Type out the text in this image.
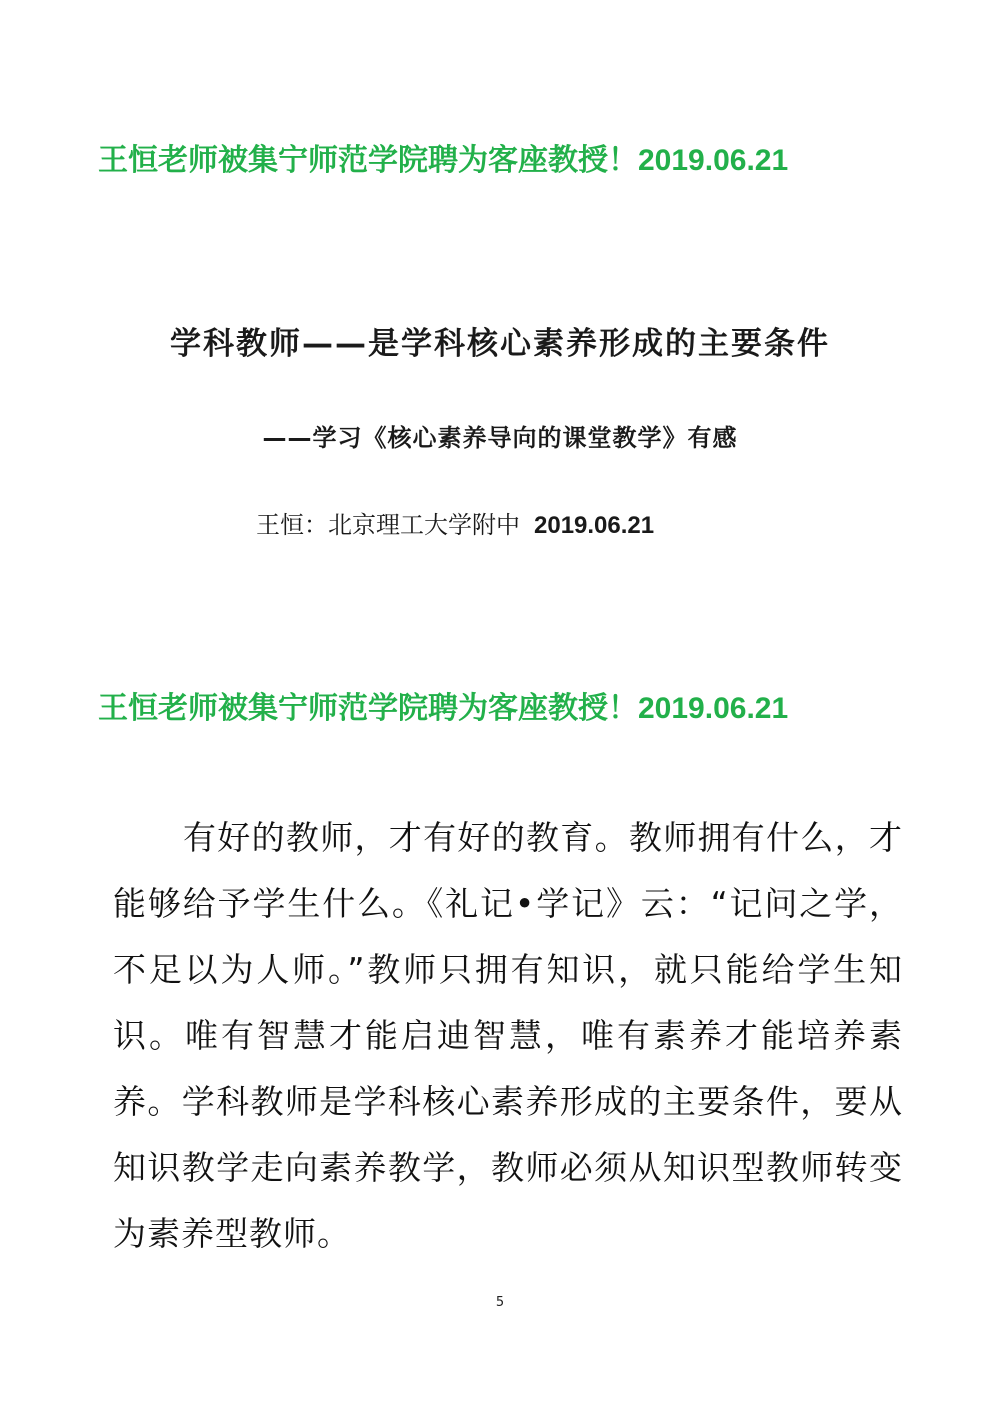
王恒老师被集宁师范学院聘为客座教授！2019.06.21
学科教师——是学科核心素养形成的主要条件
——学习《核心素养导向的课堂教学》有感
王恒：北京理工大学附中 2019.06.21
王恒老师被集宁师范学院聘为客座教授！2019.06.21
有好的教师，才有好的教育。教师拥有什么，才能够给予学生什么。《礼记•学记》云：“记问之学，不足以为人师。”教师只拥有知识，就只能给学生知识。唯有智慧才能启迪智慧，唯有素养才能培养素养。学科教师是学科核心素养形成的主要条件，要从知识教学走向素养教学，教师必须从知识型教师转变为素养型教师。
5
